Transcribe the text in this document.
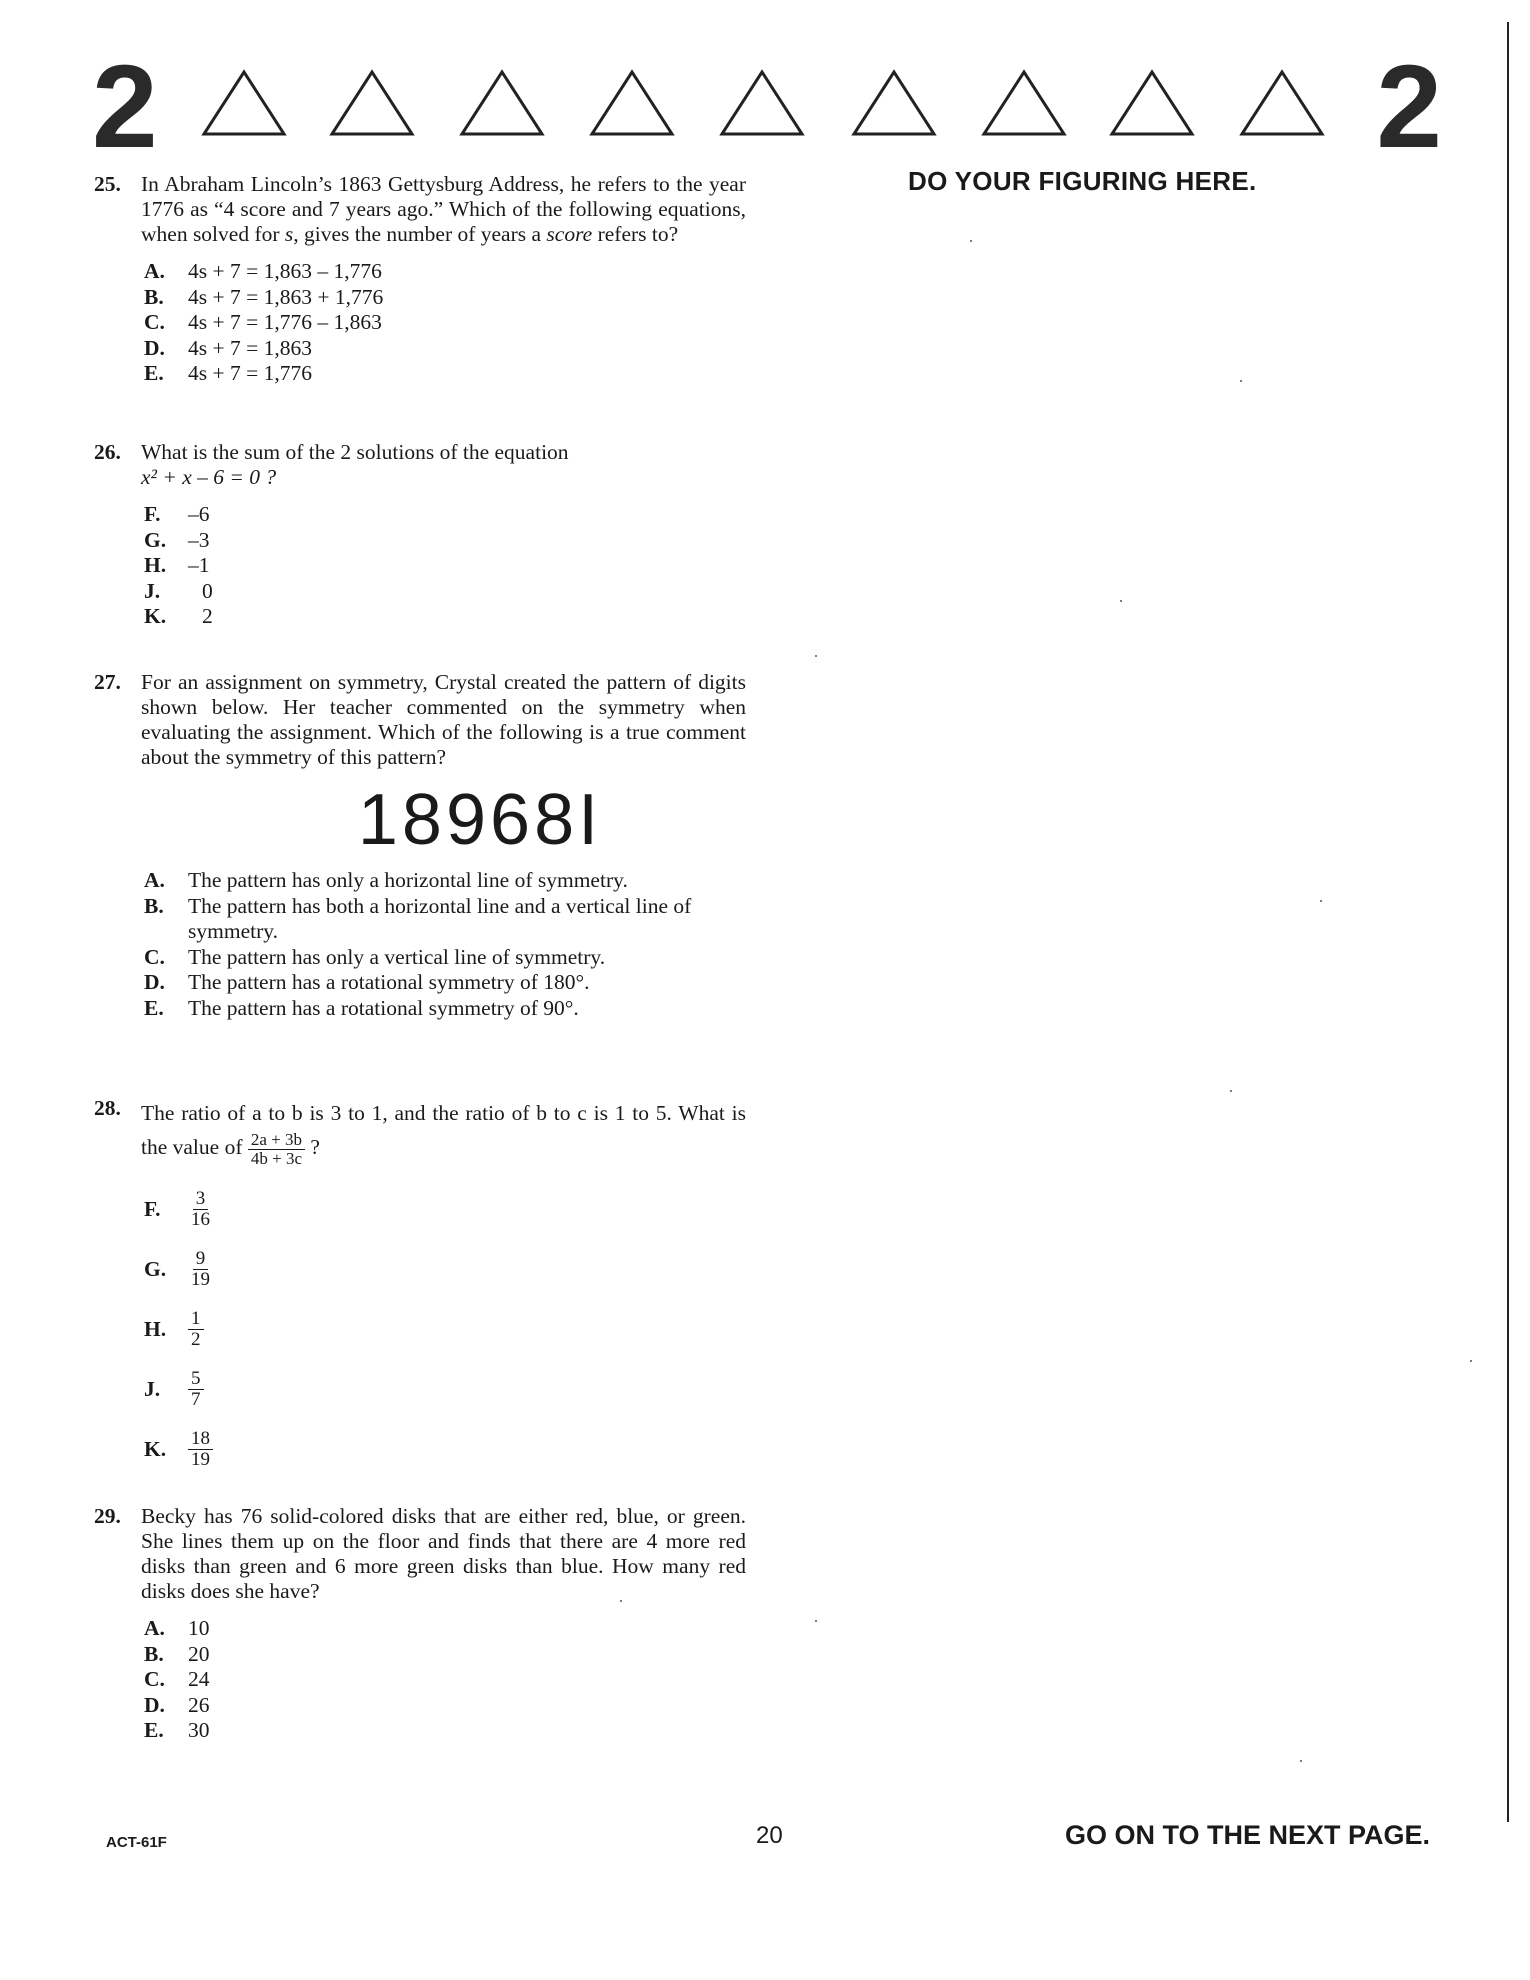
2	2
DO YOUR FIGURING HERE.
25. In Abraham Lincoln’s 1863 Gettysburg Address, he refers to the year 1776 as “4 score and 7 years ago.” Which of the following equations, when solved for s, gives the number of years a score refers to?
A.	4s + 7 = 1,863 – 1,776
B.	4s + 7 = 1,863 + 1,776
C.	4s + 7 = 1,776 – 1,863
D.	4s + 7 = 1,863
E.	4s + 7 = 1,776
26. What is the sum of the 2 solutions of the equation
x² + x – 6 = 0 ?
F.	–6
G.	–3
H.	–1
J.	0
K.	2
27. For an assignment on symmetry, Crystal created the pattern of digits shown below. Her teacher commented on the symmetry when evaluating the assignment. Which of the following is a true comment about the symmetry of this pattern?
18968I
A.	The pattern has only a horizontal line of symmetry.
B.	The pattern has both a horizontal line and a vertical line of symmetry.
C.	The pattern has only a vertical line of symmetry.
D.	The pattern has a rotational symmetry of 180°.
E.	The pattern has a rotational symmetry of 90°.
28. The ratio of a to b is 3 to 1, and the ratio of b to c is 1 to 5. What is the value of $\frac{2a + 3b}{4b + 3c}$ ?
F.	$\frac{3}{16}$
G.	$\frac{9}{19}$
H.	$\frac{1}{2}$
J.	$\frac{5}{7}$
K.	$\frac{18}{19}$
29. Becky has 76 solid-colored disks that are either red, blue, or green. She lines them up on the floor and finds that there are 4 more red disks than green and 6 more green disks than blue. How many red disks does she have?
A.	10
B.	20
C.	24
D.	26
E.	30
ACT-61F	20	GO ON TO THE NEXT PAGE.
